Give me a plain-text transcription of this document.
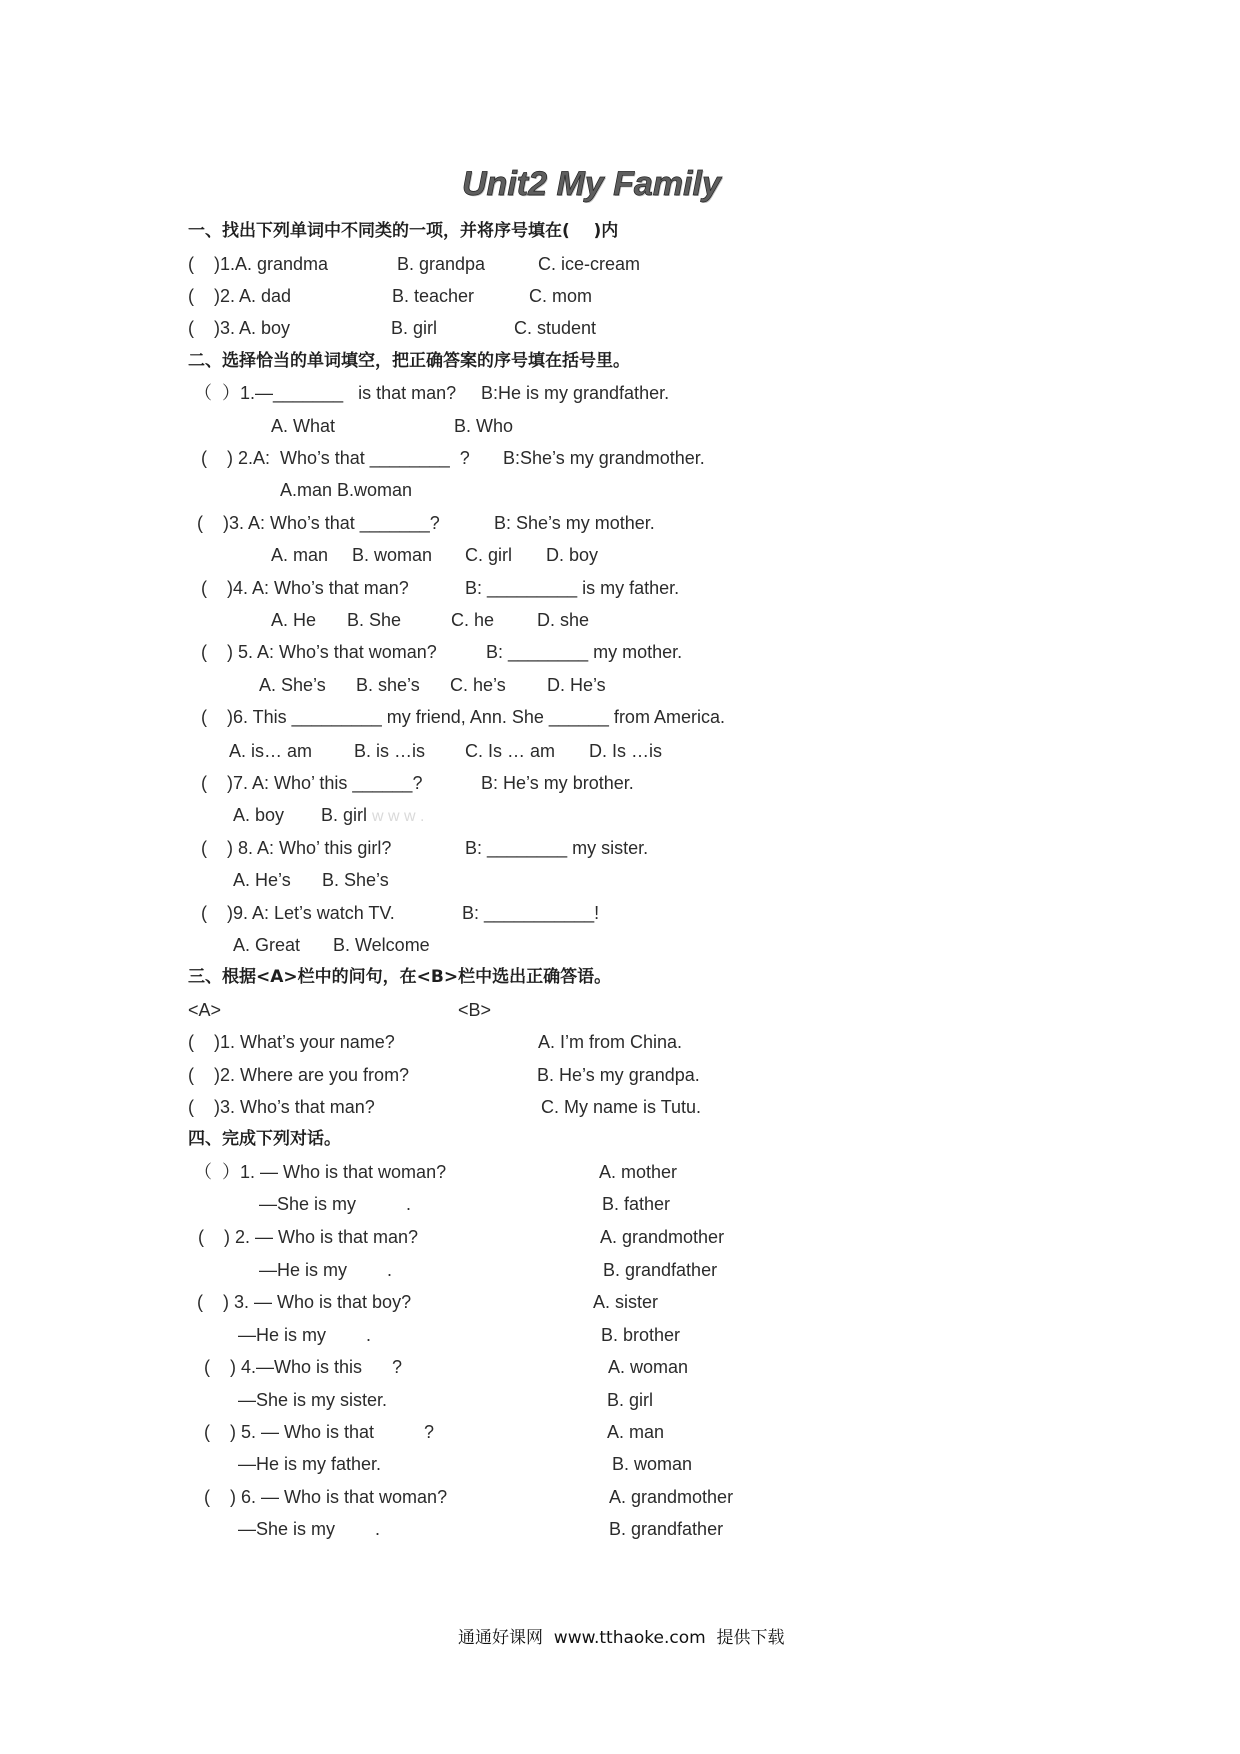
Unit2 My Family
一、找出下列单词中不同类的一项，并将序号填在(    )内
(    )1.A. grandma	B. grandpa	C. ice-cream
(    )2. A. dad	B. teacher	C. mom
(    )3. A. boy	B. girl	C. student
二、选择恰当的单词填空，把正确答案的序号填在括号里。
（  ）1.—_______   is that man? B:He is my grandfather.
A. What	B. Who
(    ) 2.A:  Who’s that ________  ? B:She’s my grandmother.
A.man B.woman
(    )3. A: Who’s that _______?	B: She’s my mother.
A. man B. woman C. girl D. boy
(    )4. A: Who’s that man?	B: _________ is my father.
A. He B. She	C. he D. she
(    ) 5. A: Who’s that woman?	B: ________ my mother.
A. She’s B. she’s C. he’s D. He’s
(    )6. This _________ my friend, Ann. She ______ from America.
A. is… am B. is …is C. Is … am D. Is …is
(    )7. A: Who’ this ______?	B: He’s my brother.
A. boy B. girl w w w .
(    ) 8. A: Who’ this girl?	B: ________ my sister.
A. He’s B. She’s
(    )9. A: Let’s watch TV.	B: ___________!
A. Great B. Welcome
三、根据<A>栏中的问句，在<B>栏中选出正确答语。
<A>	<B>
(    )1. What’s your name?	A. I’m from China.
(    )2. Where are you from?	B. He’s my grandpa.
(    )3. Who’s that man?	C. My name is Tutu.
四、完成下列对话。
（  ）1. — Who is that woman?	A. mother
—She is my          .	B. father
(    ) 2. — Who is that man?	A. grandmother
—He is my        .	B. grandfather
(    ) 3. — Who is that boy?	A. sister
—He is my        .	B. brother
(    ) 4.—Who is this      ?	A. woman
—She is my sister.	B. girl
(    ) 5. — Who is that          ?	A. man
—He is my father.	B. woman
(    ) 6. — Who is that woman?	A. grandmother
—She is my        .	B. grandfather
通通好课网  www.tthaoke.com  提供下载
